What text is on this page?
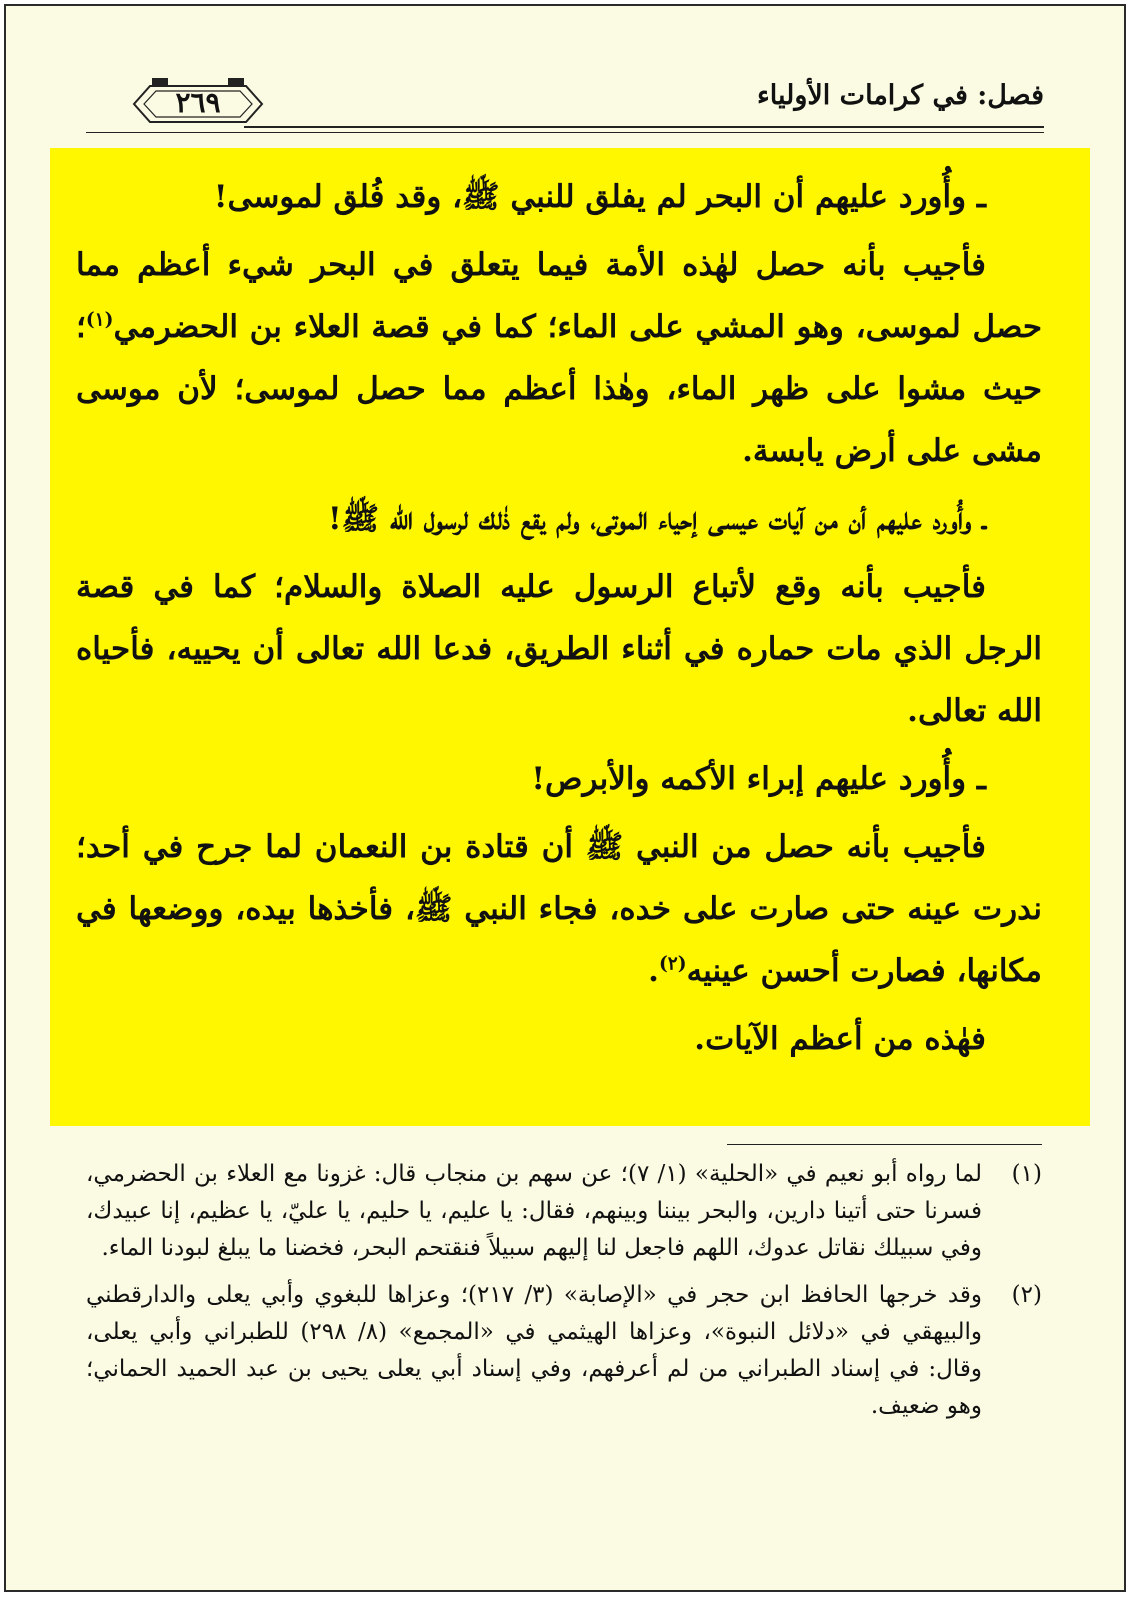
فصل: في كرامات الأولياء
٢٦٩

ـ وأُورد عليهم أن البحر لم يفلق للنبي ﷺ، وقد فُلق لموسى!

فأجيب بأنه حصل لهٰذه الأمة فيما يتعلق في البحر شيء أعظم مما حصل لموسى، وهو المشي على الماء؛ كما في قصة العلاء بن الحضرمي$^{(١)}$؛ حيث مشوا على ظهر الماء، وهٰذا أعظم مما حصل لموسى؛ لأن موسى مشى على أرض يابسة.

ـ وأُورد عليهم أن من آيات عيسى إحياء الموتى، ولم يقع ذٰلك لرسول الله ﷺ!

فأجيب بأنه وقع لأتباع الرسول عليه الصلاة والسلام؛ كما في قصة الرجل الذي مات حماره في أثناء الطريق، فدعا الله تعالى أن يحييه، فأحياه الله تعالى.

ـ وأُورد عليهم إبراء الأكمه والأبرص!

فأجيب بأنه حصل من النبي ﷺ أن قتادة بن النعمان لما جرح في أحد؛ ندرت عينه حتى صارت على خده، فجاء النبي ﷺ، فأخذها بيده، ووضعها في مكانها، فصارت أحسن عينيه$^{(٢)}$.

فهٰذه من أعظم الآيات.

(١)
لما رواه أبو نعيم في «الحلية» (١/ ٧)؛ عن سهم بن منجاب قال: غزونا مع العلاء بن الحضرمي، فسرنا حتى أتينا دارين، والبحر بيننا وبينهم، فقال: يا عليم، يا حليم، يا عليّ، يا عظيم، إنا عبيدك، وفي سبيلك نقاتل عدوك، اللهم فاجعل لنا إليهم سبيلاً فنقتحم البحر، فخضنا ما يبلغ لبودنا الماء.
(٢)
وقد خرجها الحافظ ابن حجر في «الإصابة» (٣/ ٢١٧)؛ وعزاها للبغوي وأبي يعلى والدارقطني والبيهقي في «دلائل النبوة»، وعزاها الهيثمي في «المجمع» (٨/ ٢٩٨) للطبراني وأبي يعلى، وقال: في إسناد الطبراني من لم أعرفهم، وفي إسناد أبي يعلى يحيى بن عبد الحميد الحماني؛ وهو ضعيف.
